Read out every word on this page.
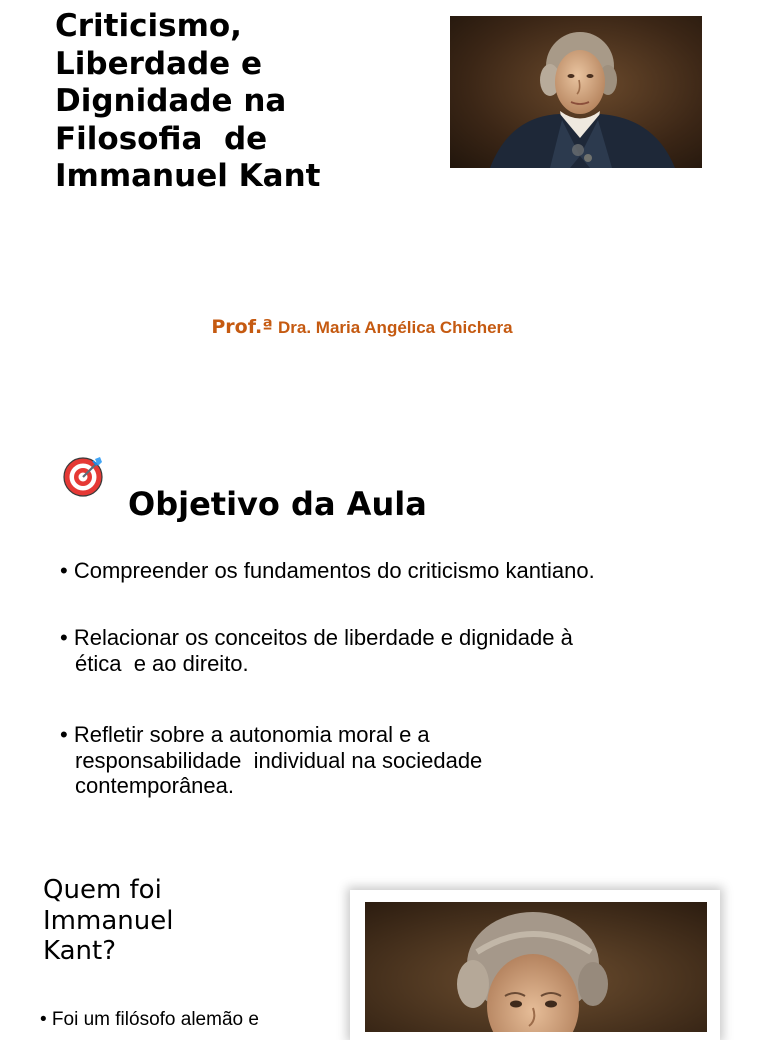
Criticismo,
Liberdade e
Dignidade na
Filosofia  de
Immanuel Kant
Prof.ª Dra. Maria Angélica Chichera
Objetivo da Aula
• Compreender os fundamentos do criticismo kantiano.
• Relacionar os conceitos de liberdade e dignidade à
ética  e ao direito.
• Refletir sobre a autonomia moral e a
responsabilidade  individual na sociedade
contemporânea.
Quem foi
Immanuel
Kant?
• Foi um filósofo alemão e
